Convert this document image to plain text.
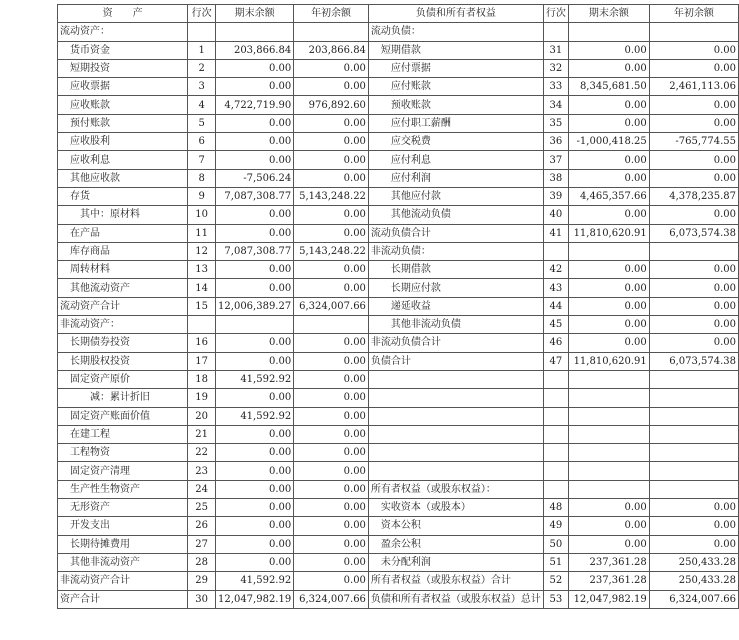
资　　产	行次	期末余额	年初余额	负债和所有者权益	行次	期末余额	年初余额
流动资产：				流动负债：			
货币资金	1	203,866.84	203,866.84	短期借款	31	0.00	0.00
短期投资	2	0.00	0.00	应付票据	32	0.00	0.00
应收票据	3	0.00	0.00	应付账款	33	8,345,681.50	2,461,113.06
应收账款	4	4,722,719.90	976,892.60	预收账款	34	0.00	0.00
预付账款	5	0.00	0.00	应付职工薪酬	35	0.00	0.00
应收股利	6	0.00	0.00	应交税费	36	-1,000,418.25	-765,774.55
应收利息	7	0.00	0.00	应付利息	37	0.00	0.00
其他应收款	8	-7,506.24	0.00	应付利润	38	0.00	0.00
存货	9	7,087,308.77	5,143,248.22	其他应付款	39	4,465,357.66	4,378,235.87
其中：原材料	10	0.00	0.00	其他流动负债	40	0.00	0.00
在产品	11	0.00	0.00	流动负债合计	41	11,810,620.91	6,073,574.38
库存商品	12	7,087,308.77	5,143,248.22	非流动负债：			
周转材料	13	0.00	0.00	长期借款	42	0.00	0.00
其他流动资产	14	0.00	0.00	长期应付款	43	0.00	0.00
流动资产合计	15	12,006,389.27	6,324,007.66	递延收益	44	0.00	0.00
非流动资产：				其他非流动负债	45	0.00	0.00
长期债券投资	16	0.00	0.00	非流动负债合计	46	0.00	0.00
长期股权投资	17	0.00	0.00	负债合计	47	11,810,620.91	6,073,574.38
固定资产原价	18	41,592.92	0.00				
减：累计折旧	19	0.00	0.00				
固定资产账面价值	20	41,592.92	0.00				
在建工程	21	0.00	0.00				
工程物资	22	0.00	0.00				
固定资产清理	23	0.00	0.00				
生产性生物资产	24	0.00	0.00	所有者权益（或股东权益）：			
无形资产	25	0.00	0.00	实收资本（或股本）	48	0.00	0.00
开发支出	26	0.00	0.00	资本公积	49	0.00	0.00
长期待摊费用	27	0.00	0.00	盈余公积	50	0.00	0.00
其他非流动资产	28	0.00	0.00	未分配利润	51	237,361.28	250,433.28
非流动资产合计	29	41,592.92	0.00	所有者权益（或股东权益）合计	52	237,361.28	250,433.28
资产合计	30	12,047,982.19	6,324,007.66	负债和所有者权益（或股东权益）总计	53	12,047,982.19	6,324,007.66
